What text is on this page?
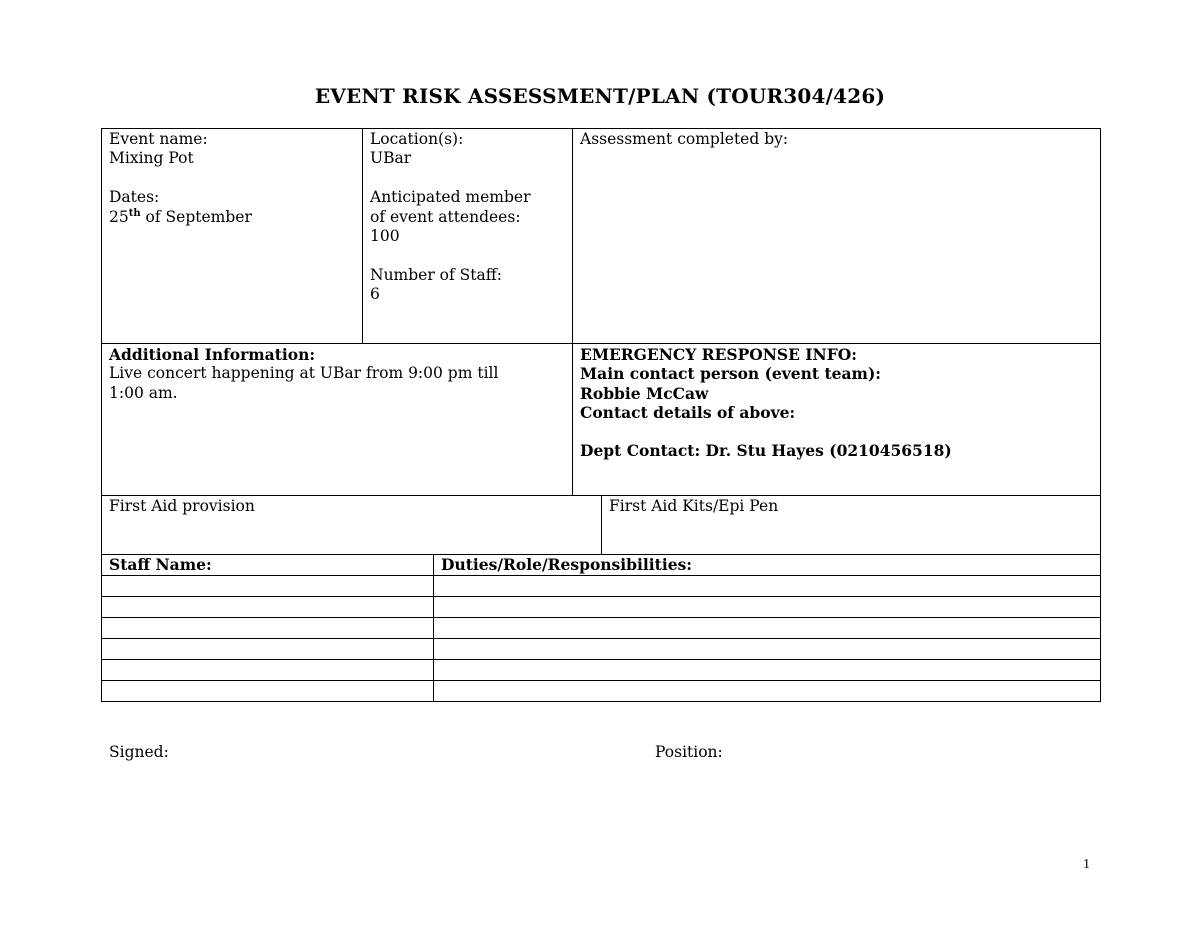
EVENT RISK ASSESSMENT/PLAN (TOUR304/426)
Event name:
Mixing Pot
Dates:
25th of September

Location(s):
UBar
Anticipated member
of event attendees:
100
Number of Staff:
6

Assessment completed by:
Additional Information:
Live concert happening at UBar from 9:00 pm till
1:00 am.

EMERGENCY RESPONSE INFO:
Main contact person (event team):
Robbie McCaw
Contact details of above:
Dept Contact: Dr. Stu Hayes (0210456518)
First Aid provision	First Aid Kits/Epi Pen
Staff Name:	Duties/Role/Responsibilities:

Signed:	Position:
1
